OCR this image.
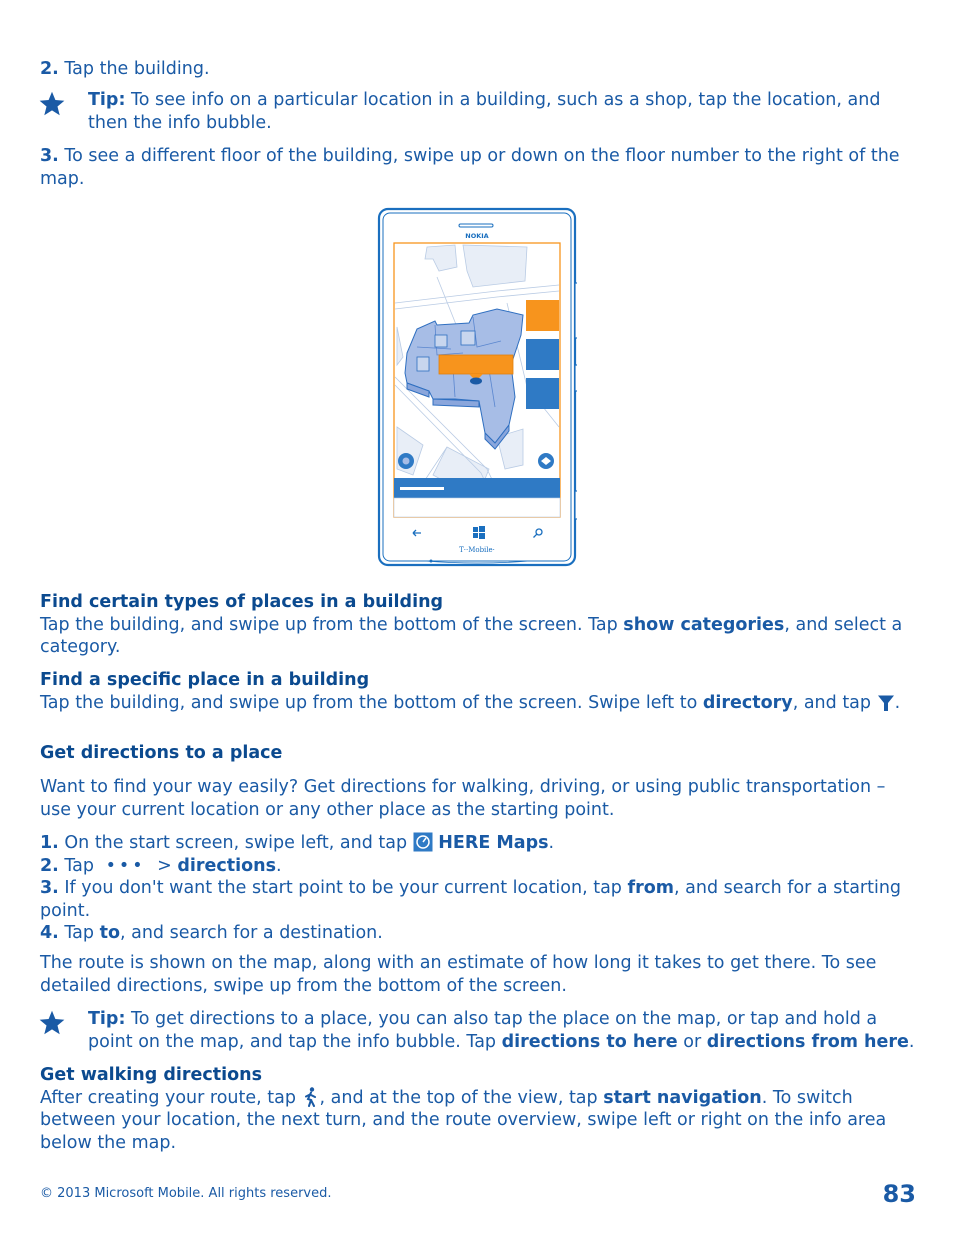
2. Tap the building.

Tip: To see info on a particular location in a building, such as a shop, tap the location, and then the info bubble.

3. To see a different floor of the building, swipe up or down on the floor number to the right of the map.

NOKIA
T··Mobile·

Find certain types of places in a building
Tap the building, and swipe up from the bottom of the screen. Tap show categories, and select a category.

Find a specific place in a building
Tap the building, and swipe up from the bottom of the screen. Swipe left to directory, and tap .

Get directions to a place

Want to find your way easily? Get directions for walking, driving, or using public transportation – use your current location or any other place as the starting point.

1. On the start screen, swipe left, and tap  HERE Maps.
2. Tap ••• > directions.
3. If you don't want the start point to be your current location, tap from, and search for a starting point.
4. Tap to, and search for a destination.

The route is shown on the map, along with an estimate of how long it takes to get there. To see detailed directions, swipe up from the bottom of the screen.

Tip: To get directions to a place, you can also tap the place on the map, or tap and hold a point on the map, and tap the info bubble. Tap directions to here or directions from here.

Get walking directions
After creating your route, tap , and at the top of the view, tap start navigation. To switch between your location, the next turn, and the route overview, swipe left or right on the info area below the map.

© 2013 Microsoft Mobile. All rights reserved.	83
